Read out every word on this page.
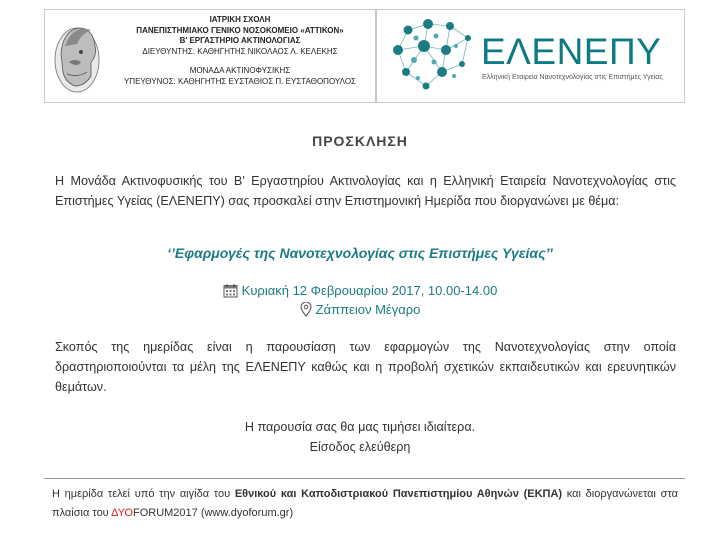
ΙΑΤΡΙΚΗ ΣΧΟΛΗ
ΠΑΝΕΠΙΣΤΗΜΙΑΚΟ ΓΕΝΙΚΟ ΝΟΣΟΚΟΜΕΙΟ «ΑΤΤΙΚΟΝ»
Β' ΕΡΓΑΣΤΗΡΙΟ ΑΚΤΙΝΟΛΟΓΙΑΣ
ΔΙΕΥΘΥΝΤΗΣ: ΚΑΘΗΓΗΤΗΣ ΝΙΚΟΛΑΟΣ Λ. ΚΕΛΕΚΗΣ
ΜΟΝΑΔΑ ΑΚΤΙΝΟΦΥΣΙΚΗΣ
ΥΠΕΥΘΥΝΟΣ: ΚΑΘΗΓΗΤΗΣ ΕΥΣΤΑΘΙΟΣ Π. ΕΥΣΤΑΘΟΠΟΥΛΟΣ
ΕΛΕΝΕΠΥ
Ελληνική Εταιρεία Νανοτεχνολογίας στις Επιστήμες Υγείας
ΠΡΟΣΚΛΗΣΗ
Η Μονάδα Ακτινοφυσικής του Β' Εργαστηρίου Ακτινολογίας και η Ελληνική Εταιρεία Νανοτεχνολογίας στις Επιστήμες Υγείας (ΕΛΕΝΕΠΥ) σας προσκαλεί στην Επιστημονική Ημερίδα που διοργανώνει με θέμα:
‘’Εφαρμογές της Νανοτεχνολογίας στις Επιστήμες Υγείας’’
Κυριακή 12 Φεβρουαρίου 2017, 10.00-14.00
Ζάππειον Μέγαρο
Σκοπός της ημερίδας είναι η παρουσίαση των εφαρμογών της Νανοτεχνολογίας στην οποία δραστηριοποιούνται τα μέλη της ΕΛΕΝΕΠΥ καθώς και η προβολή σχετικών εκπαιδευτικών και ερευνητικών θεμάτων.
Η παρουσία σας θα μας τιμήσει ιδιαίτερα.
Είσοδος ελεύθερη
Η ημερίδα τελεί υπό την αιγίδα του Εθνικού και Καποδιστριακού Πανεπιστημίου Αθηνών (ΕΚΠΑ) και διοργανώνεται στα πλαίσια του ΔΥΟFORUM2017 (www.dyoforum.gr)
